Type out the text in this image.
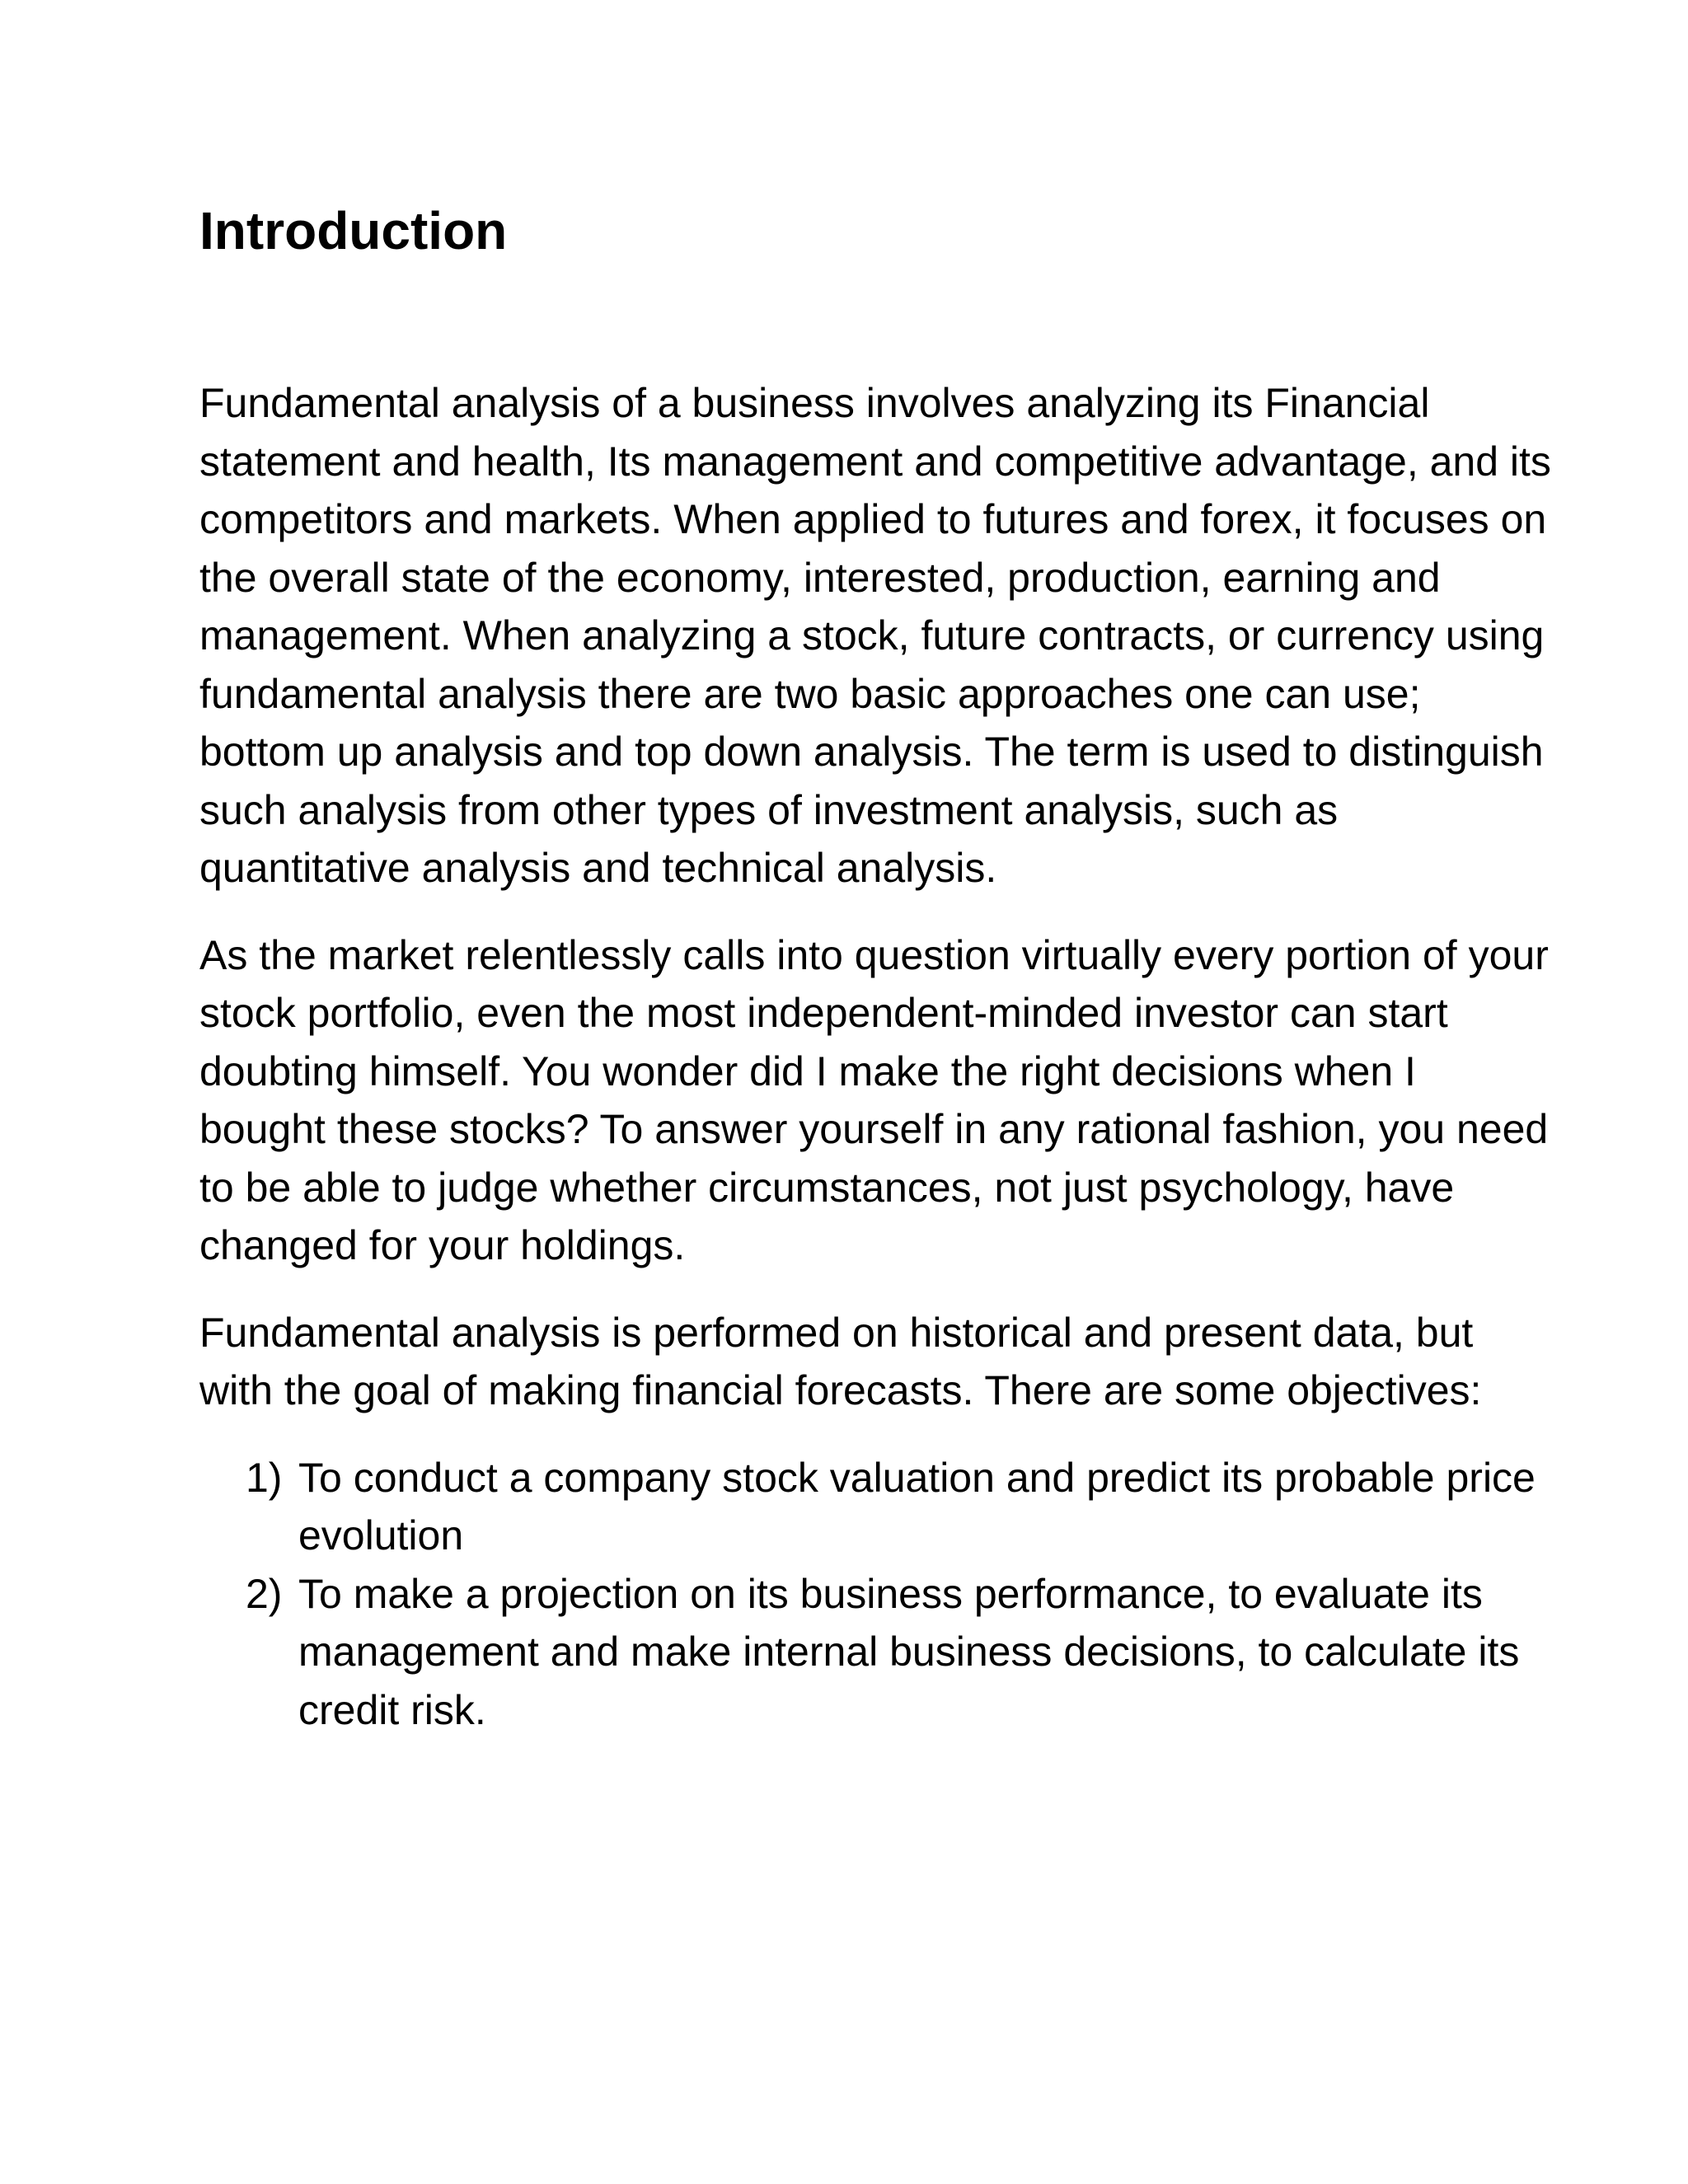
Introduction

Fundamental analysis of a business involves analyzing its Financial statement and health, Its management and competitive advantage, and its competitors and markets. When applied to futures and forex, it focuses on the overall state of the economy, interested, production, earning and management. When analyzing a stock, future contracts, or currency using fundamental analysis there are two basic approaches one can use; bottom up analysis and top down analysis. The term is used to distinguish such analysis from other types of investment analysis, such as quantitative analysis and technical analysis.

As the market relentlessly calls into question virtually every portion of your stock portfolio, even the most independent-minded investor can start doubting himself. You wonder did I make the right decisions when I bought these stocks? To answer yourself in any rational fashion, you need to be able to judge whether circumstances, not just psychology, have changed for your holdings.

Fundamental analysis is performed on historical and present data, but with the goal of making financial forecasts. There are some objectives:

1) To conduct a company stock valuation and predict its probable price evolution
2) To make a projection on its business performance, to evaluate its management and make internal business decisions, to calculate its credit risk.
